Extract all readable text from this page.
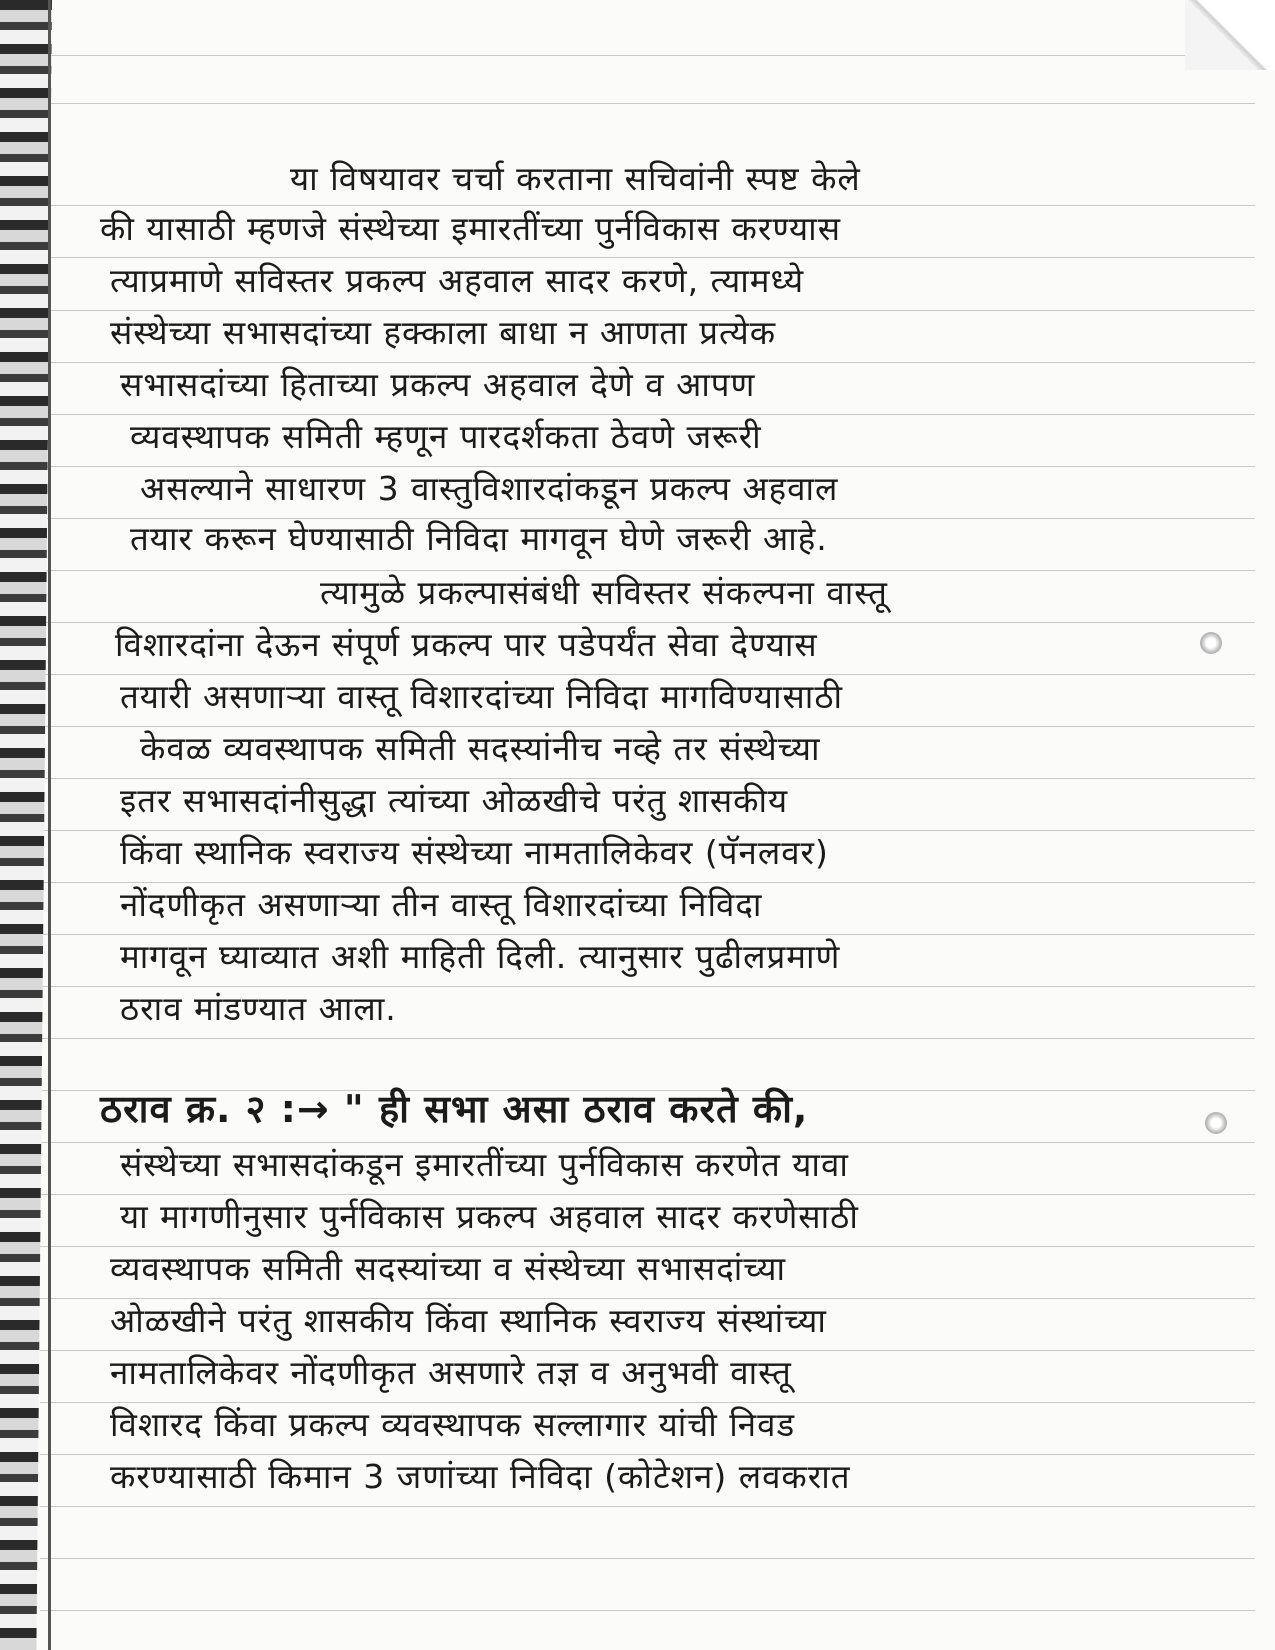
या विषयावर चर्चा करताना सचिवांनी स्पष्ट केले
की यासाठी म्हणजे संस्थेच्या इमारतींच्या पुर्नविकास करण्यास
त्याप्रमाणे सविस्तर प्रकल्प अहवाल सादर करणे, त्यामध्ये
संस्थेच्या सभासदांच्या हक्काला बाधा न आणता प्रत्येक
सभासदांच्या हिताच्या प्रकल्प अहवाल देणे व आपण
व्यवस्थापक समिती म्हणून पारदर्शकता ठेवणे जरूरी
असल्याने साधारण 3 वास्तुविशारदांकडून प्रकल्प अहवाल
तयार करून घेण्यासाठी निविदा मागवून घेणे जरूरी आहे.
त्यामुळे प्रकल्पासंबंधी सविस्तर संकल्पना वास्तू
विशारदांना देऊन संपूर्ण प्रकल्प पार पडेपर्यंत सेवा देण्यास
तयारी असणाऱ्या वास्तू विशारदांच्या निविदा मागविण्यासाठी
केवळ व्यवस्थापक समिती सदस्यांनीच नव्हे तर संस्थेच्या
इतर सभासदांनीसुद्धा त्यांच्या ओळखीचे परंतु शासकीय
किंवा स्थानिक स्वराज्य संस्थेच्या नामतालिकेवर (पॅनलवर)
नोंदणीकृत असणाऱ्या तीन वास्तू विशारदांच्या निविदा
मागवून घ्याव्यात अशी माहिती दिली. त्यानुसार पुढीलप्रमाणे
ठराव मांडण्यात आला.
ठराव क्र. २ :→ " ही सभा असा ठराव करते की,
संस्थेच्या सभासदांकडून इमारतींच्या पुर्नविकास करणेत यावा
या मागणीनुसार पुर्नविकास प्रकल्प अहवाल सादर करणेसाठी
व्यवस्थापक समिती सदस्यांच्या व संस्थेच्या सभासदांच्या
ओळखीने परंतु शासकीय किंवा स्थानिक स्वराज्य संस्थांच्या
नामतालिकेवर नोंदणीकृत असणारे तज्ञ व अनुभवी वास्तू
विशारद किंवा प्रकल्प व्यवस्थापक सल्लागार यांची निवड
करण्यासाठी किमान 3 जणांच्या निविदा (कोटेशन) लवकरात
